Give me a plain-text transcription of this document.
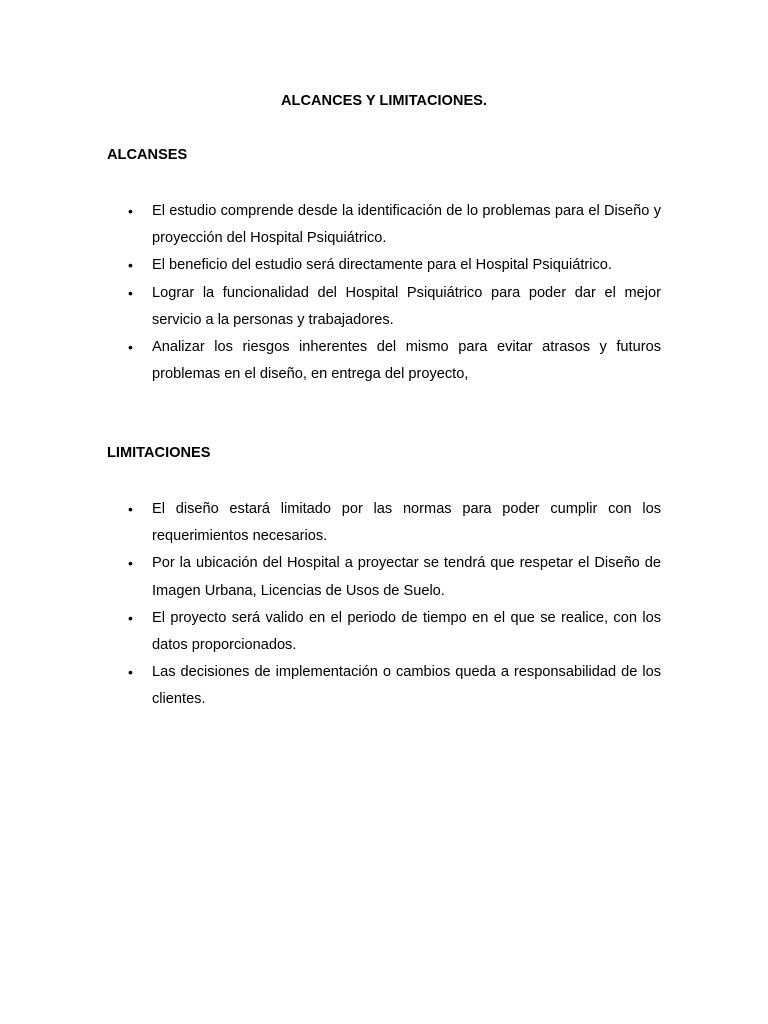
ALCANCES Y LIMITACIONES.
ALCANSES
• El estudio comprende desde la identificación de lo problemas para el Diseño y proyección del Hospital Psiquiátrico.
• El beneficio del estudio será directamente para el Hospital Psiquiátrico.
• Lograr la funcionalidad del Hospital Psiquiátrico para poder dar el mejor servicio a la personas y trabajadores.
• Analizar los riesgos inherentes del mismo para evitar atrasos y futuros problemas en el diseño, en entrega del proyecto,
LIMITACIONES
• El diseño estará limitado por las normas para poder cumplir con los requerimientos necesarios.
• Por la ubicación del Hospital a proyectar se tendrá que respetar el Diseño de Imagen Urbana, Licencias de Usos de Suelo.
• El proyecto será valido en el periodo de tiempo en el que se realice, con los datos proporcionados.
• Las decisiones de implementación o cambios queda a responsabilidad de los clientes.
